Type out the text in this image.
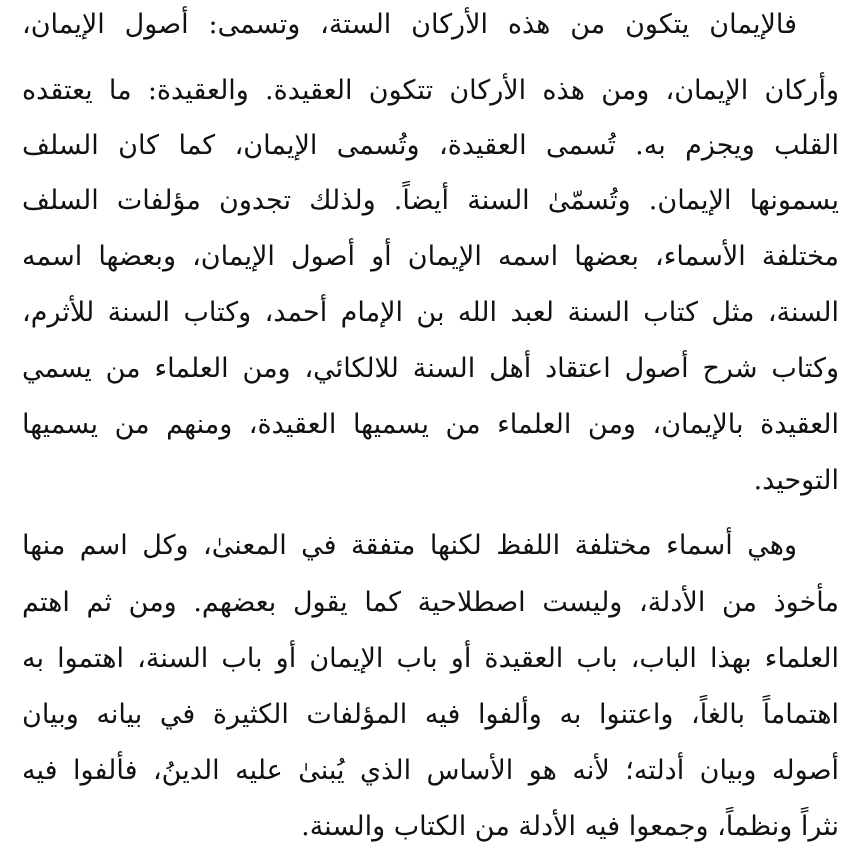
فالإيمان يتكون من هذه الأركان الستة، وتسمى: أصول الإيمان،
وأركان الإيمان، ومن هذه الأركان تتكون العقيدة. والعقيدة: ما يعتقده
القلب ويجزم به. تُسمى العقيدة، وتُسمى الإيمان، كما كان السلف
يسمونها الإيمان. وتُسمّىٰ السنة أيضاً. ولذلك تجدون مؤلفات السلف
مختلفة الأسماء، بعضها اسمه الإيمان أو أصول الإيمان، وبعضها اسمه
السنة، مثل كتاب السنة لعبد الله بن الإمام أحمد، وكتاب السنة للأثرم،
وكتاب شرح أصول اعتقاد أهل السنة للالكائي، ومن العلماء من يسمي
العقيدة بالإيمان، ومن العلماء من يسميها العقيدة، ومنهم من يسميها
التوحيد.
وهي أسماء مختلفة اللفظ لكنها متفقة في المعنىٰ، وكل اسم منها
مأخوذ من الأدلة، وليست اصطلاحية كما يقول بعضهم. ومن ثم اهتم
العلماء بهذا الباب، باب العقيدة أو باب الإيمان أو باب السنة، اهتموا به
اهتماماً بالغاً، واعتنوا به وألفوا فيه المؤلفات الكثيرة في بيانه وبيان
أصوله وبيان أدلته؛ لأنه هو الأساس الذي يُبنىٰ عليه الدينُ، فألفوا فيه
نثراً ونظماً، وجمعوا فيه الأدلة من الكتاب والسنة.
